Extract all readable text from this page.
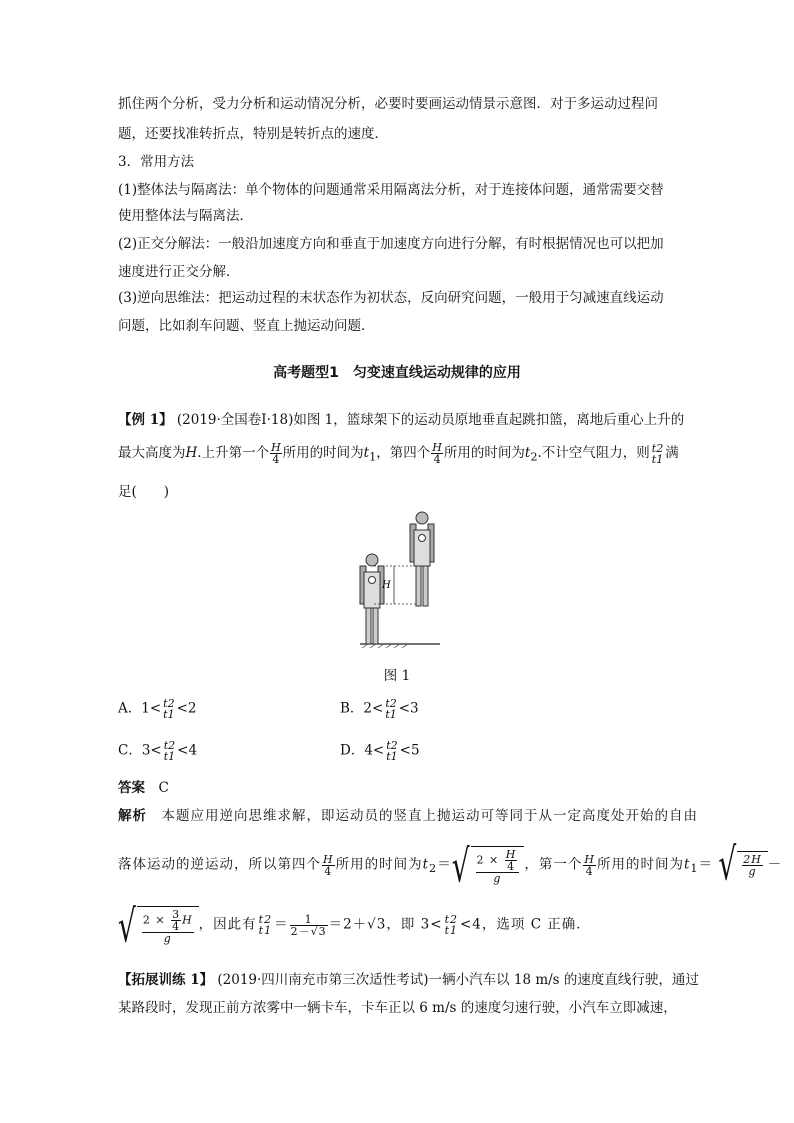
抓住两个分析，受力分析和运动情况分析，必要时要画运动情景示意图．对于多运动过程问
题，还要找准转折点，特别是转折点的速度．
3．常用方法
(1)整体法与隔离法：单个物体的问题通常采用隔离法分析，对于连接体问题，通常需要交替
使用整体法与隔离法．
(2)正交分解法：一般沿加速度方向和垂直于加速度方向进行分解，有时根据情况也可以把加
速度进行正交分解．
(3)逆向思维法：把运动过程的末状态作为初状态，反向研究问题，一般用于匀减速直线运动
问题，比如刹车问题、竖直上抛运动问题．
高考题型1　匀变速直线运动规律的应用
【例 1】 (2019·全国卷Ⅰ·18)如图 1，篮球架下的运动员原地垂直起跳扣篮，离地后重心上升的
最大高度为H.上升第一个 $\frac{H}{4}$ 所用的时间为$t_1$，第四个 $\frac{H}{4}$ 所用的时间为$t_2$.不计空气阻力，则 t2
t1 满
足(　　)
H
图 1
A．1< t2
t1 <2	B．2< t2
t1 <3
C．3< t2
t1 <4	D．4< t2
t1 <5
答案　 C
解析　 本题应用逆向思维求解，即运动员的竖直上抛运动可等同于从一定高度处开始的自由
落体运动的逆运动，所以第四个 $\frac{H}{4}$ 所用的时间为$t_2=√ \frac{2 \times \frac{H}{4}}{g}$ ，第一个 $\frac{H}{4}$ 所用的时间为$t_1=$ √ $\frac{2H}{g}$ －
√ $\frac{2 \times \frac{3}{4} H}{g}$ ，因此有 t2
$t1 = \frac{1}{2-√3} =2+√3$，即 3< t2
t1 <4，选项 C 正确．
【拓展训练 1】 (2019·四川南充市第三次适性考试)一辆小汽车以 18 m/s 的速度直线行驶，通过
某路段时，发现正前方浓雾中一辆卡车，卡车正以 6 m/s 的速度匀速行驶，小汽车立即减速，
